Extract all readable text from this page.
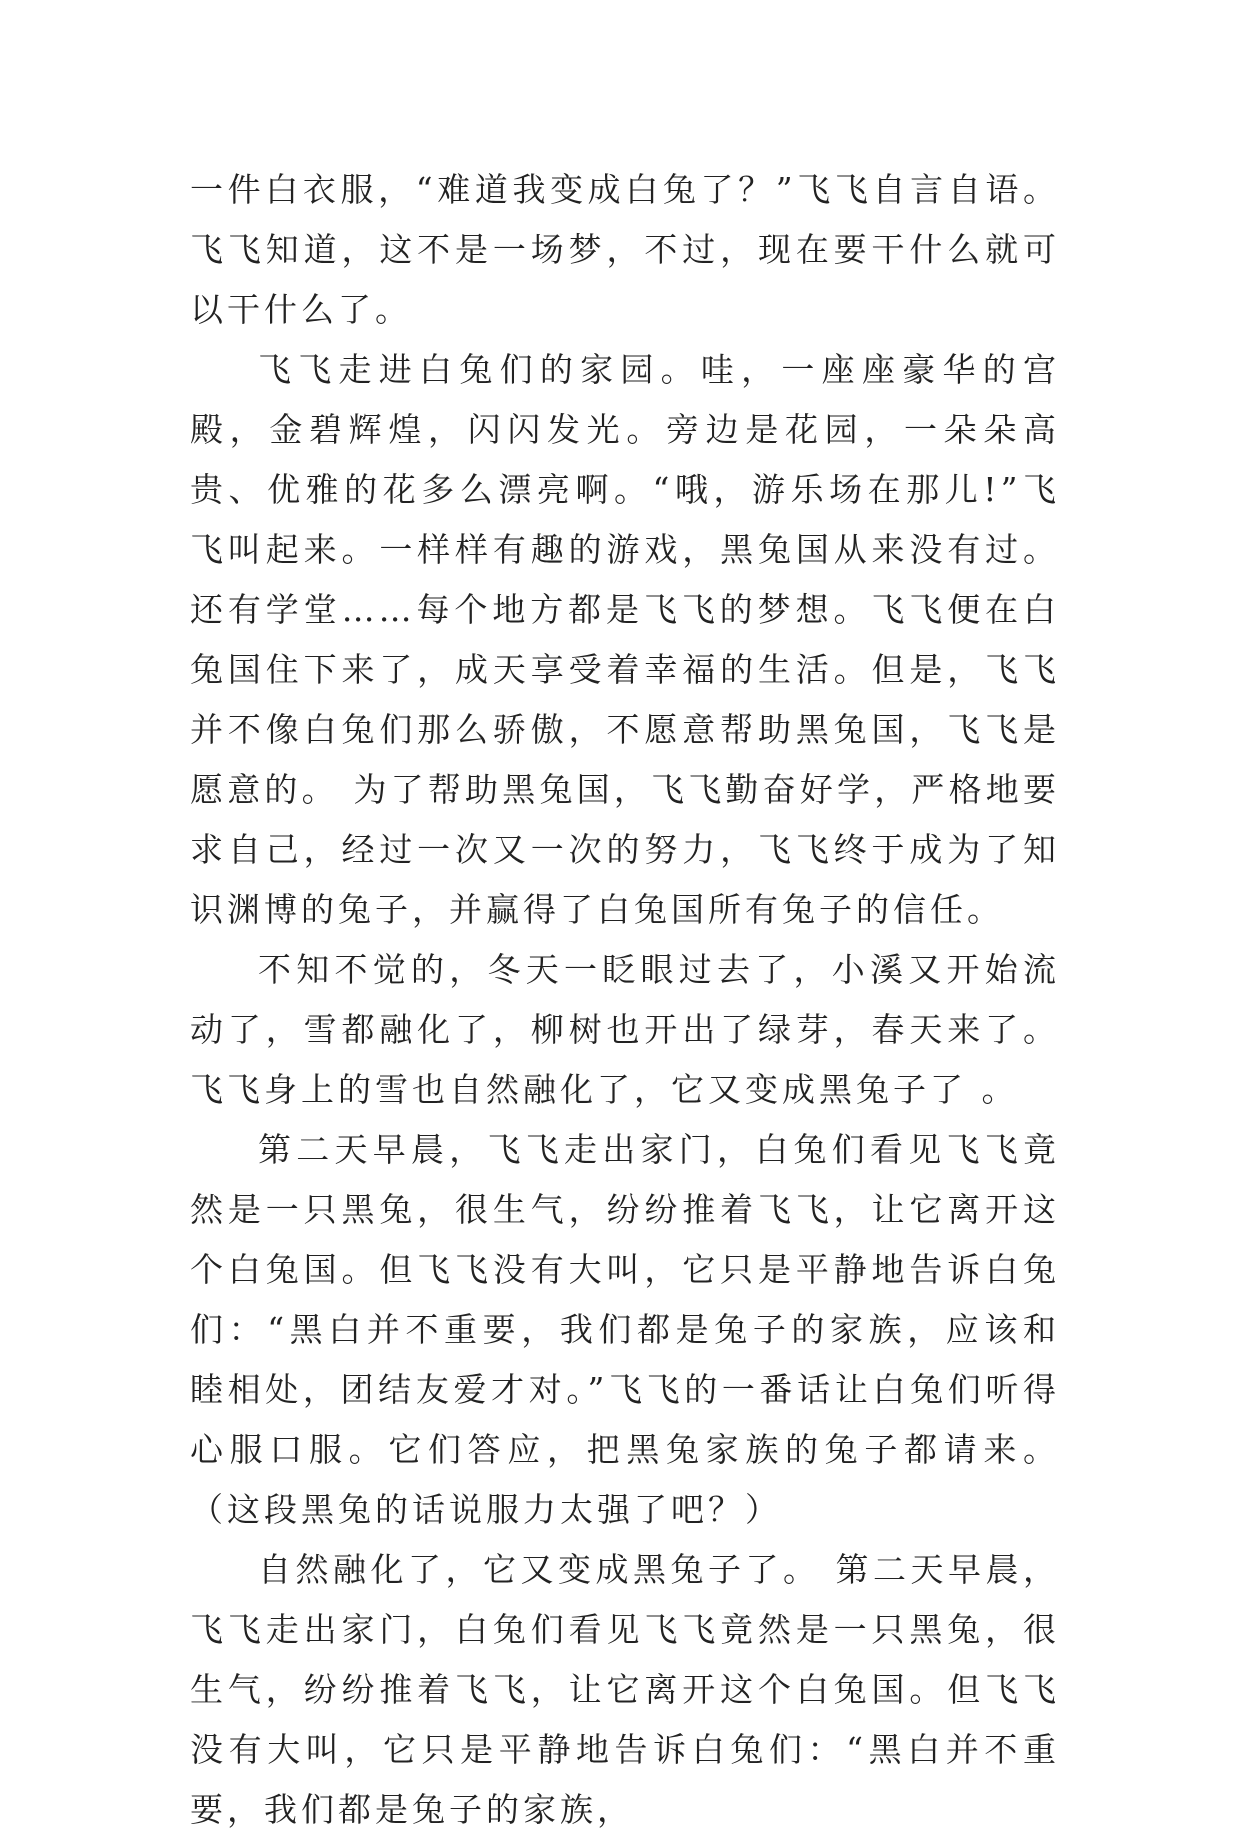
一件白衣服，“难道我变成白兔了？”飞飞自言自语。飞飞知道，这不是一场梦，不过，现在要干什么就可以干什么了。

飞飞走进白兔们的家园。哇，一座座豪华的宫殿，金碧辉煌，闪闪发光。旁边是花园，一朵朵高贵、优雅的花多么漂亮啊。“哦，游乐场在那儿!”飞飞叫起来。一样样有趣的游戏，黑兔国从来没有过。还有学堂……每个地方都是飞飞的梦想。飞飞便在白兔国住下来了，成天享受着幸福的生活。但是，飞飞并不像白兔们那么骄傲，不愿意帮助黑兔国，飞飞是愿意的。 为了帮助黑兔国，飞飞勤奋好学，严格地要求自己，经过一次又一次的努力，飞飞终于成为了知识渊博的兔子，并赢得了白兔国所有兔子的信任。

不知不觉的，冬天一眨眼过去了，小溪又开始流动了，雪都融化了，柳树也开出了绿芽，春天来了。 飞飞身上的雪也自然融化了，它又变成黑兔子了 。

第二天早晨，飞飞走出家门，白兔们看见飞飞竟然是一只黑兔，很生气，纷纷推着飞飞，让它离开这个白兔国。但飞飞没有大叫，它只是平静地告诉白兔们：“黑白并不重要，我们都是兔子的家族，应该和睦相处，团结友爱才对。”飞飞的一番话让白兔们听得心服口服。它们答应，把黑兔家族的兔子都请来。（这段黑兔的话说服力太强了吧？）

自然融化了，它又变成黑兔子了。 第二天早晨，飞飞走出家门，白兔们看见飞飞竟然是一只黑兔，很生气，纷纷推着飞飞，让它离开这个白兔国。但飞飞没有大叫，它只是平静地告诉白兔们：“黑白并不重要，我们都是兔子的家族，
